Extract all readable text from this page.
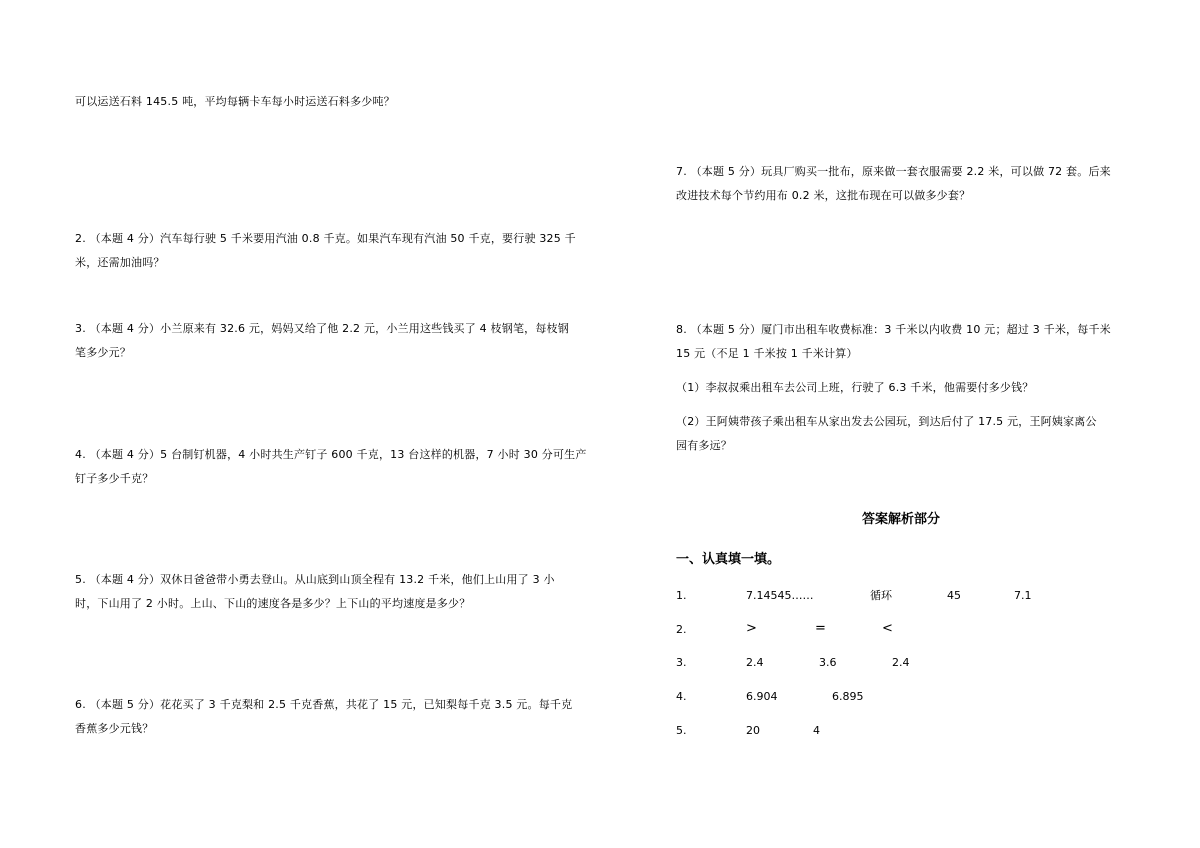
可以运送石料 145.5 吨，平均每辆卡车每小时运送石料多少吨？
2. （本题 4 分）汽车每行驶 5 千米要用汽油 0.8 千克。如果汽车现有汽油 50 千克，要行驶 325 千
米，还需加油吗？
3. （本题 4 分）小兰原来有 32.6 元，妈妈又给了他 2.2 元，小兰用这些钱买了 4 枝钢笔，每枝钢
笔多少元？
4. （本题 4 分）5 台制钉机器，4 小时共生产钉子 600 千克，13 台这样的机器，7 小时 30 分可生产
钉子多少千克？
5. （本题 4 分）双休日爸爸带小勇去登山。从山底到山顶全程有 13.2 千米，他们上山用了 3 小
时，下山用了 2 小时。上山、下山的速度各是多少？上下山的平均速度是多少？
6. （本题 5 分）花花买了 3 千克梨和 2.5 千克香蕉，共花了 15 元，已知梨每千克 3.5 元。每千克
香蕉多少元钱？
7. （本题 5 分）玩具厂购买一批布，原来做一套衣服需要 2.2 米，可以做 72 套。后来
改进技术每个节约用布 0.2 米，这批布现在可以做多少套？
8. （本题 5 分）厦门市出租车收费标准：3 千米以内收费 10 元；超过 3 千米，每千米
15 元（不足 1 千米按 1 千米计算）
（1）李叔叔乘出租车去公司上班，行驶了 6.3 千米，他需要付多少钱？
（2）王阿姨带孩子乘出租车从家出发去公园玩，到达后付了 17.5 元，王阿姨家离公
园有多远？
答案解析部分
一、认真填一填。
1.	7.14545……	循环	45	7.1
2.	>	=	<
3.	2.4	3.6	2.4
4.	6.904	6.895
5.	20	4
